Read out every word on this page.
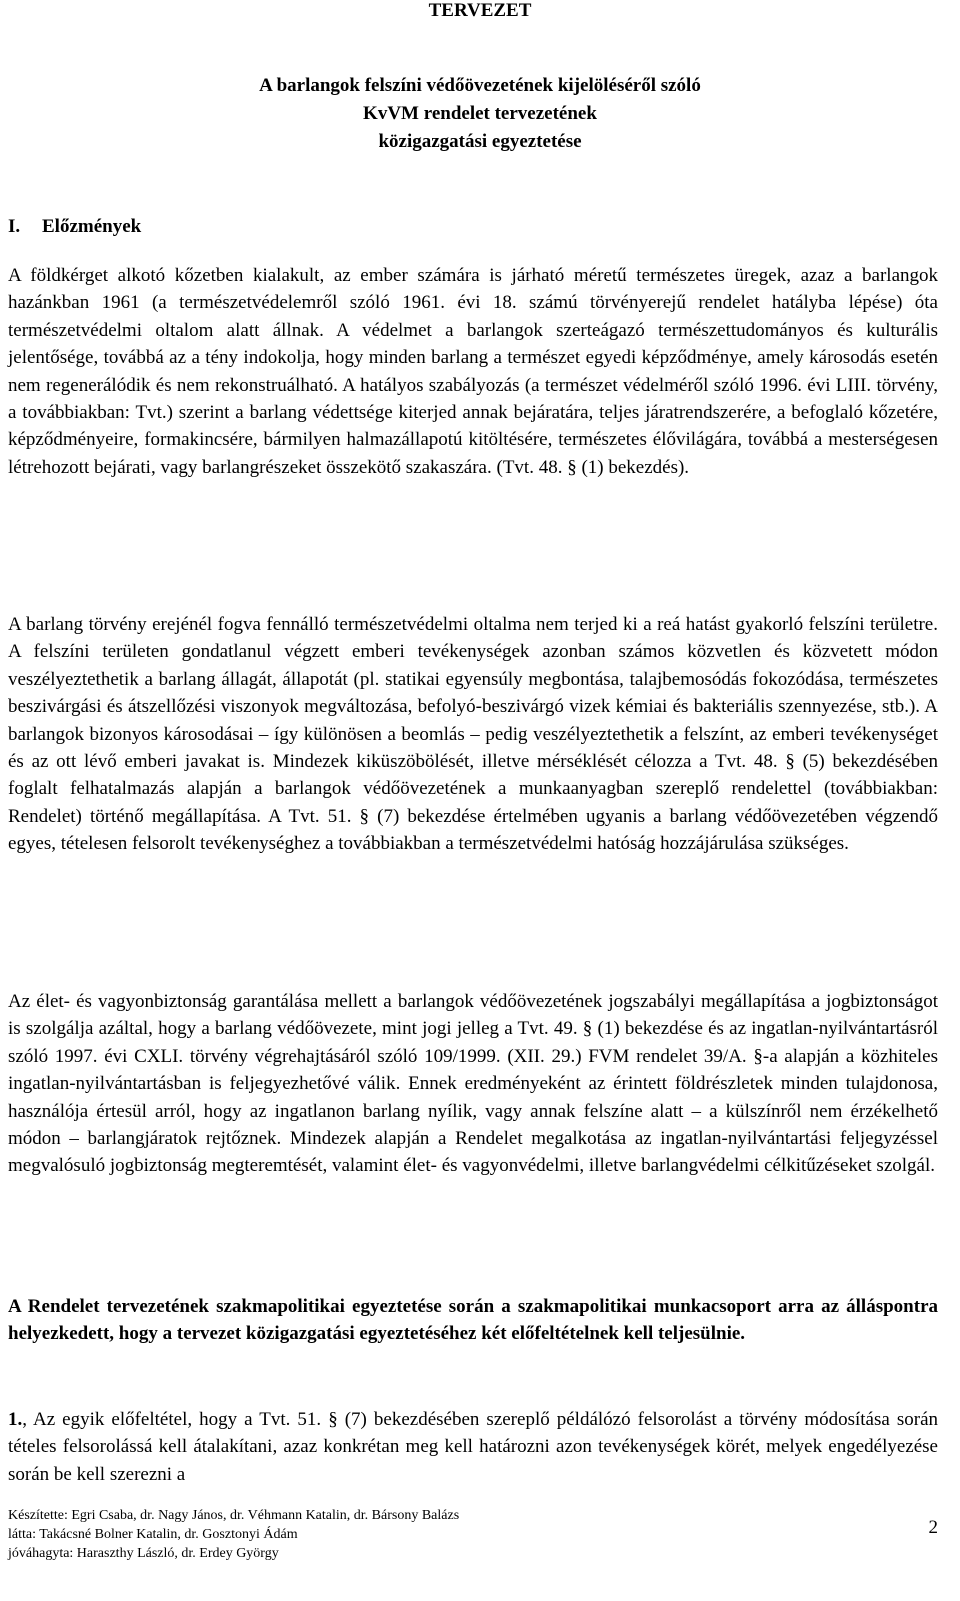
TERVEZET
A barlangok felszíni védőövezetének kijelöléséről szóló
KvVM rendelet tervezetének
közigazgatási egyeztetése
I. Előzmények
A földkérget alkotó kőzetben kialakult, az ember számára is járható méretű természetes üregek, azaz a barlangok hazánkban 1961 (a természetvédelemről szóló 1961. évi 18. számú törvényerejű rendelet hatályba lépése) óta természetvédelmi oltalom alatt állnak. A védelmet a barlangok szerteágazó természettudományos és kulturális jelentősége, továbbá az a tény indokolja, hogy minden barlang a természet egyedi képződménye, amely károsodás esetén nem regenerálódik és nem rekonstruálható. A hatályos szabályozás (a természet védelméről szóló 1996. évi LIII. törvény, a továbbiakban: Tvt.) szerint a barlang védettsége kiterjed annak bejáratára, teljes járatrendszerére, a befoglaló kőzetére, képződményeire, formakincsére, bármilyen halmazállapotú kitöltésére, természetes élővilágára, továbbá a mesterségesen létrehozott bejárati, vagy barlangrészeket összekötő szakaszára. (Tvt. 48. § (1) bekezdés).
A barlang törvény erejénél fogva fennálló természetvédelmi oltalma nem terjed ki a reá hatást gyakorló felszíni területre. A felszíni területen gondatlanul végzett emberi tevékenységek azonban számos közvetlen és közvetett módon veszélyeztethetik a barlang állagát, állapotát (pl. statikai egyensúly megbontása, talajbemosódás fokozódása, természetes beszivárgási és átszellőzési viszonyok megváltozása, befolyó-beszivárgó vizek kémiai és bakteriális szennyezése, stb.). A barlangok bizonyos károsodásai – így különösen a beomlás – pedig veszélyeztethetik a felszínt, az emberi tevékenységet és az ott lévő emberi javakat is. Mindezek kiküszöbölését, illetve mérséklését célozza a Tvt. 48. § (5) bekezdésében foglalt felhatalmazás alapján a barlangok védőövezetének a munkaanyagban szereplő rendelettel (továbbiakban: Rendelet) történő megállapítása. A Tvt. 51. § (7) bekezdése értelmében ugyanis a barlang védőövezetében végzendő egyes, tételesen felsorolt tevékenységhez a továbbiakban a természetvédelmi hatóság hozzájárulása szükséges.
Az élet- és vagyonbiztonság garantálása mellett a barlangok védőövezetének jogszabályi megállapítása a jogbiztonságot is szolgálja azáltal, hogy a barlang védőövezete, mint jogi jelleg a Tvt. 49. § (1) bekezdése és az ingatlan-nyilvántartásról szóló 1997. évi CXLI. törvény végrehajtásáról szóló 109/1999. (XII. 29.) FVM rendelet 39/A. §-a alapján a közhiteles ingatlan-nyilvántartásban is feljegyezhetővé válik. Ennek eredményeként az érintett földrészletek minden tulajdonosa, használója értesül arról, hogy az ingatlanon barlang nyílik, vagy annak felszíne alatt – a külszínről nem érzékelhető módon – barlangjáratok rejtőznek. Mindezek alapján a Rendelet megalkotása az ingatlan-nyilvántartási feljegyzéssel megvalósuló jogbiztonság megteremtését, valamint élet- és vagyonvédelmi, illetve barlangvédelmi célkitűzéseket szolgál.
A Rendelet tervezetének szakmapolitikai egyeztetése során a szakmapolitikai munkacsoport arra az álláspontra helyezkedett, hogy a tervezet közigazgatási egyeztetéséhez két előfeltételnek kell teljesülnie.
1., Az egyik előfeltétel, hogy a Tvt. 51. § (7) bekezdésében szereplő példálózó felsorolást a törvény módosítása során tételes felsorolássá kell átalakítani, azaz konkrétan meg kell határozni azon tevékenységek körét, melyek engedélyezése során be kell szerezni a
Készítette: Egri Csaba, dr. Nagy János, dr. Véhmann Katalin, dr. Bársony Balázs
látta: Takácsné Bolner Katalin, dr. Gosztonyi Ádám
jóváhagyta: Haraszthy László, dr. Erdey György
2
